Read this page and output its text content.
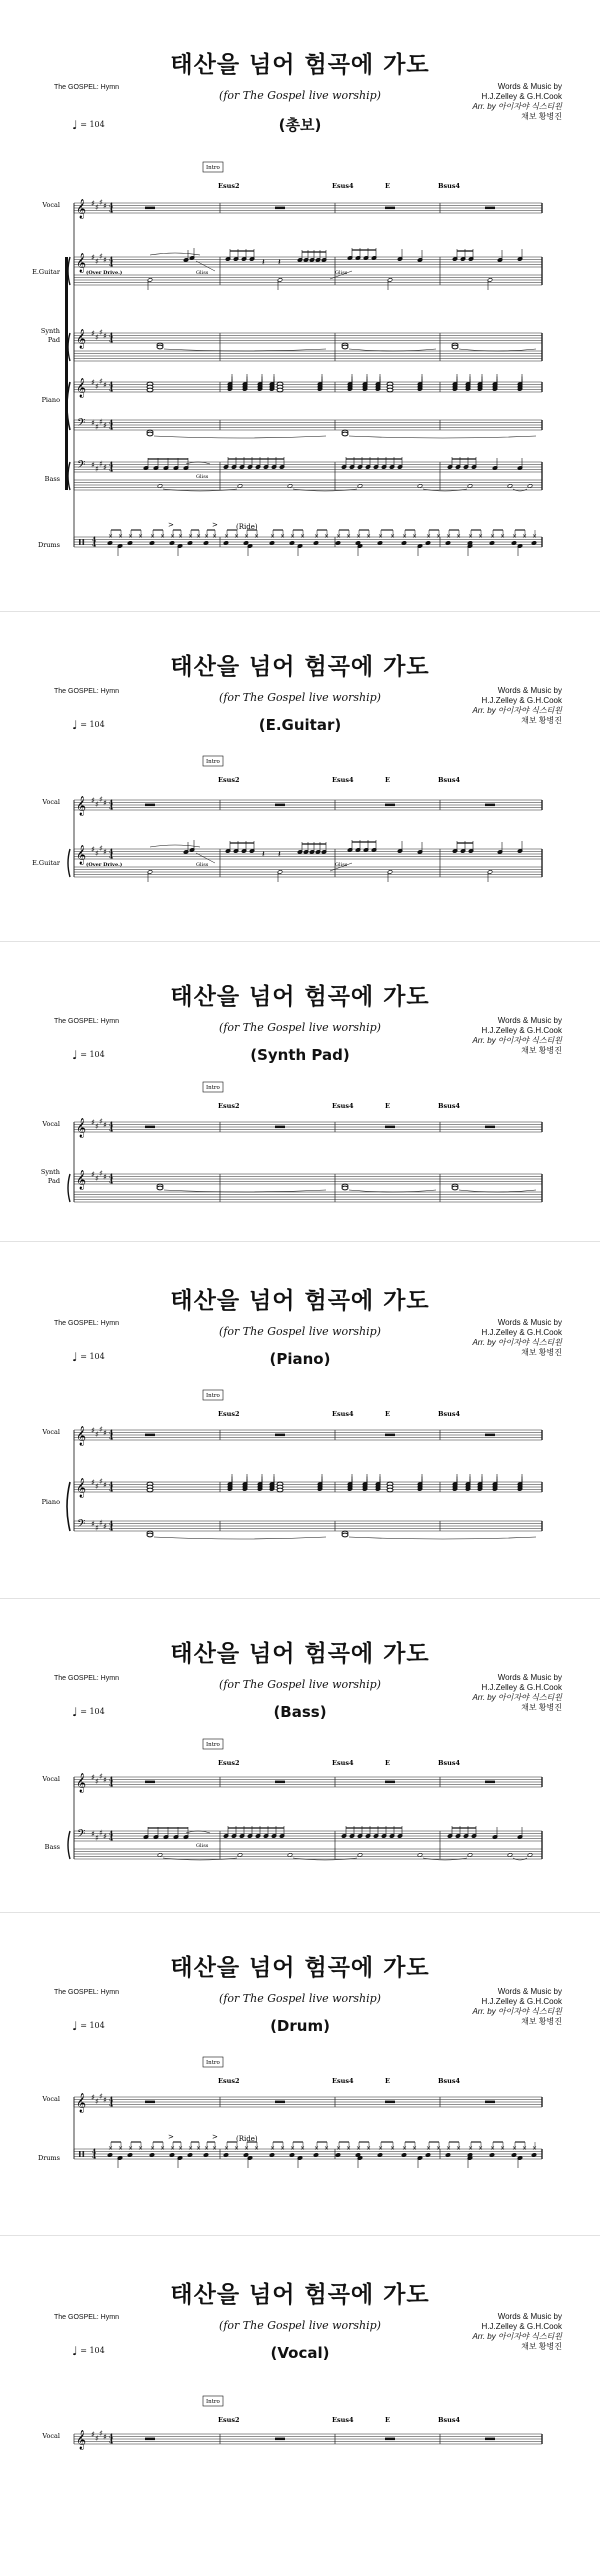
태산을 넘어 험곡에 가도
(for The Gospel live worship)
(총보)
The GOSPEL: Hymn	Words & Music by
H.J.Zelley & G.H.Cook
Arr. by 아이자야 식스티원
채보 황병진
♩ = 104
Intro
Esus2	Esus4	E	Bsus4
𝄞 ♯ ♯
♯ ♯ 4
4
𝄞 ♯ ♯
♯ ♯ 4
4
(Over Drive.)	Gliss
𝄽 𝄽
Gliss
𝄞 ♯ ♯
♯ ♯ 4
4
𝄞 ♯ ♯
♯ ♯ 4
4
𝄢 ♯ ♯
♯ ♯ 4
4
𝄢 ♯ ♯
♯ ♯ 4
4
Gliss
4
4
(Ride)
>	>
× × × × × × × × × × × × × × × × × × × × × × × × × × × × × × × × × × × × × × × × ×
Vocal
E.Guitar
Synth
Pad
Piano
Bass
Drums
태산을 넘어 험곡에 가도
(for The Gospel live worship)
(E.Guitar)
The GOSPEL: Hymn	Words & Music by
H.J.Zelley & G.H.Cook
Arr. by 아이자야 식스티원
채보 황병진
♩ = 104
Intro
Esus2	Esus4	E	Bsus4
𝄞 ♯ ♯
♯ ♯ 4
4
𝄞 ♯ ♯
♯ ♯ 4
4
(Over Drive.)	Gliss
𝄽 𝄽
Gliss
Vocal
E.Guitar
태산을 넘어 험곡에 가도
(for The Gospel live worship)
(Synth Pad)
The GOSPEL: Hymn	Words & Music by
H.J.Zelley & G.H.Cook
Arr. by 아이자야 식스티원
채보 황병진
♩ = 104
Intro
Esus2	Esus4	E	Bsus4
𝄞 ♯ ♯
♯ ♯ 4
4
𝄞 ♯ ♯
♯ ♯ 4
4
Vocal
Synth
Pad
태산을 넘어 험곡에 가도
(for The Gospel live worship)
(Piano)
The GOSPEL: Hymn	Words & Music by
H.J.Zelley & G.H.Cook
Arr. by 아이자야 식스티원
채보 황병진
♩ = 104
Intro
Esus2	Esus4	E	Bsus4
𝄞 ♯ ♯
♯ ♯ 4
4
𝄞 ♯ ♯
♯ ♯ 4
4
𝄢 ♯ ♯
♯ ♯ 4
4
Vocal
Piano
태산을 넘어 험곡에 가도
(for The Gospel live worship)
(Bass)
The GOSPEL: Hymn	Words & Music by
H.J.Zelley & G.H.Cook
Arr. by 아이자야 식스티원
채보 황병진
♩ = 104
Intro
Esus2	Esus4	E	Bsus4
𝄞 ♯ ♯
♯ ♯ 4
4
𝄢 ♯ ♯
♯ ♯ 4
4
Gliss
Vocal
Bass
태산을 넘어 험곡에 가도
(for The Gospel live worship)
(Drum)
The GOSPEL: Hymn	Words & Music by
H.J.Zelley & G.H.Cook
Arr. by 아이자야 식스티원
채보 황병진
♩ = 104
Intro
Esus2	Esus4	E	Bsus4
𝄞 ♯ ♯
♯ ♯ 4
4
4
4
(Ride)
>	>
× × × × × × × × × × × × × × × × × × × × × × × × × × × × × × × × × × × × × × × × ×
Vocal
Drums
태산을 넘어 험곡에 가도
(for The Gospel live worship)
(Vocal)
The GOSPEL: Hymn	Words & Music by
H.J.Zelley & G.H.Cook
Arr. by 아이자야 식스티원
채보 황병진
♩ = 104
Intro
Esus2	Esus4	E	Bsus4
𝄞 ♯ ♯
♯ ♯ 4
4
Vocal
